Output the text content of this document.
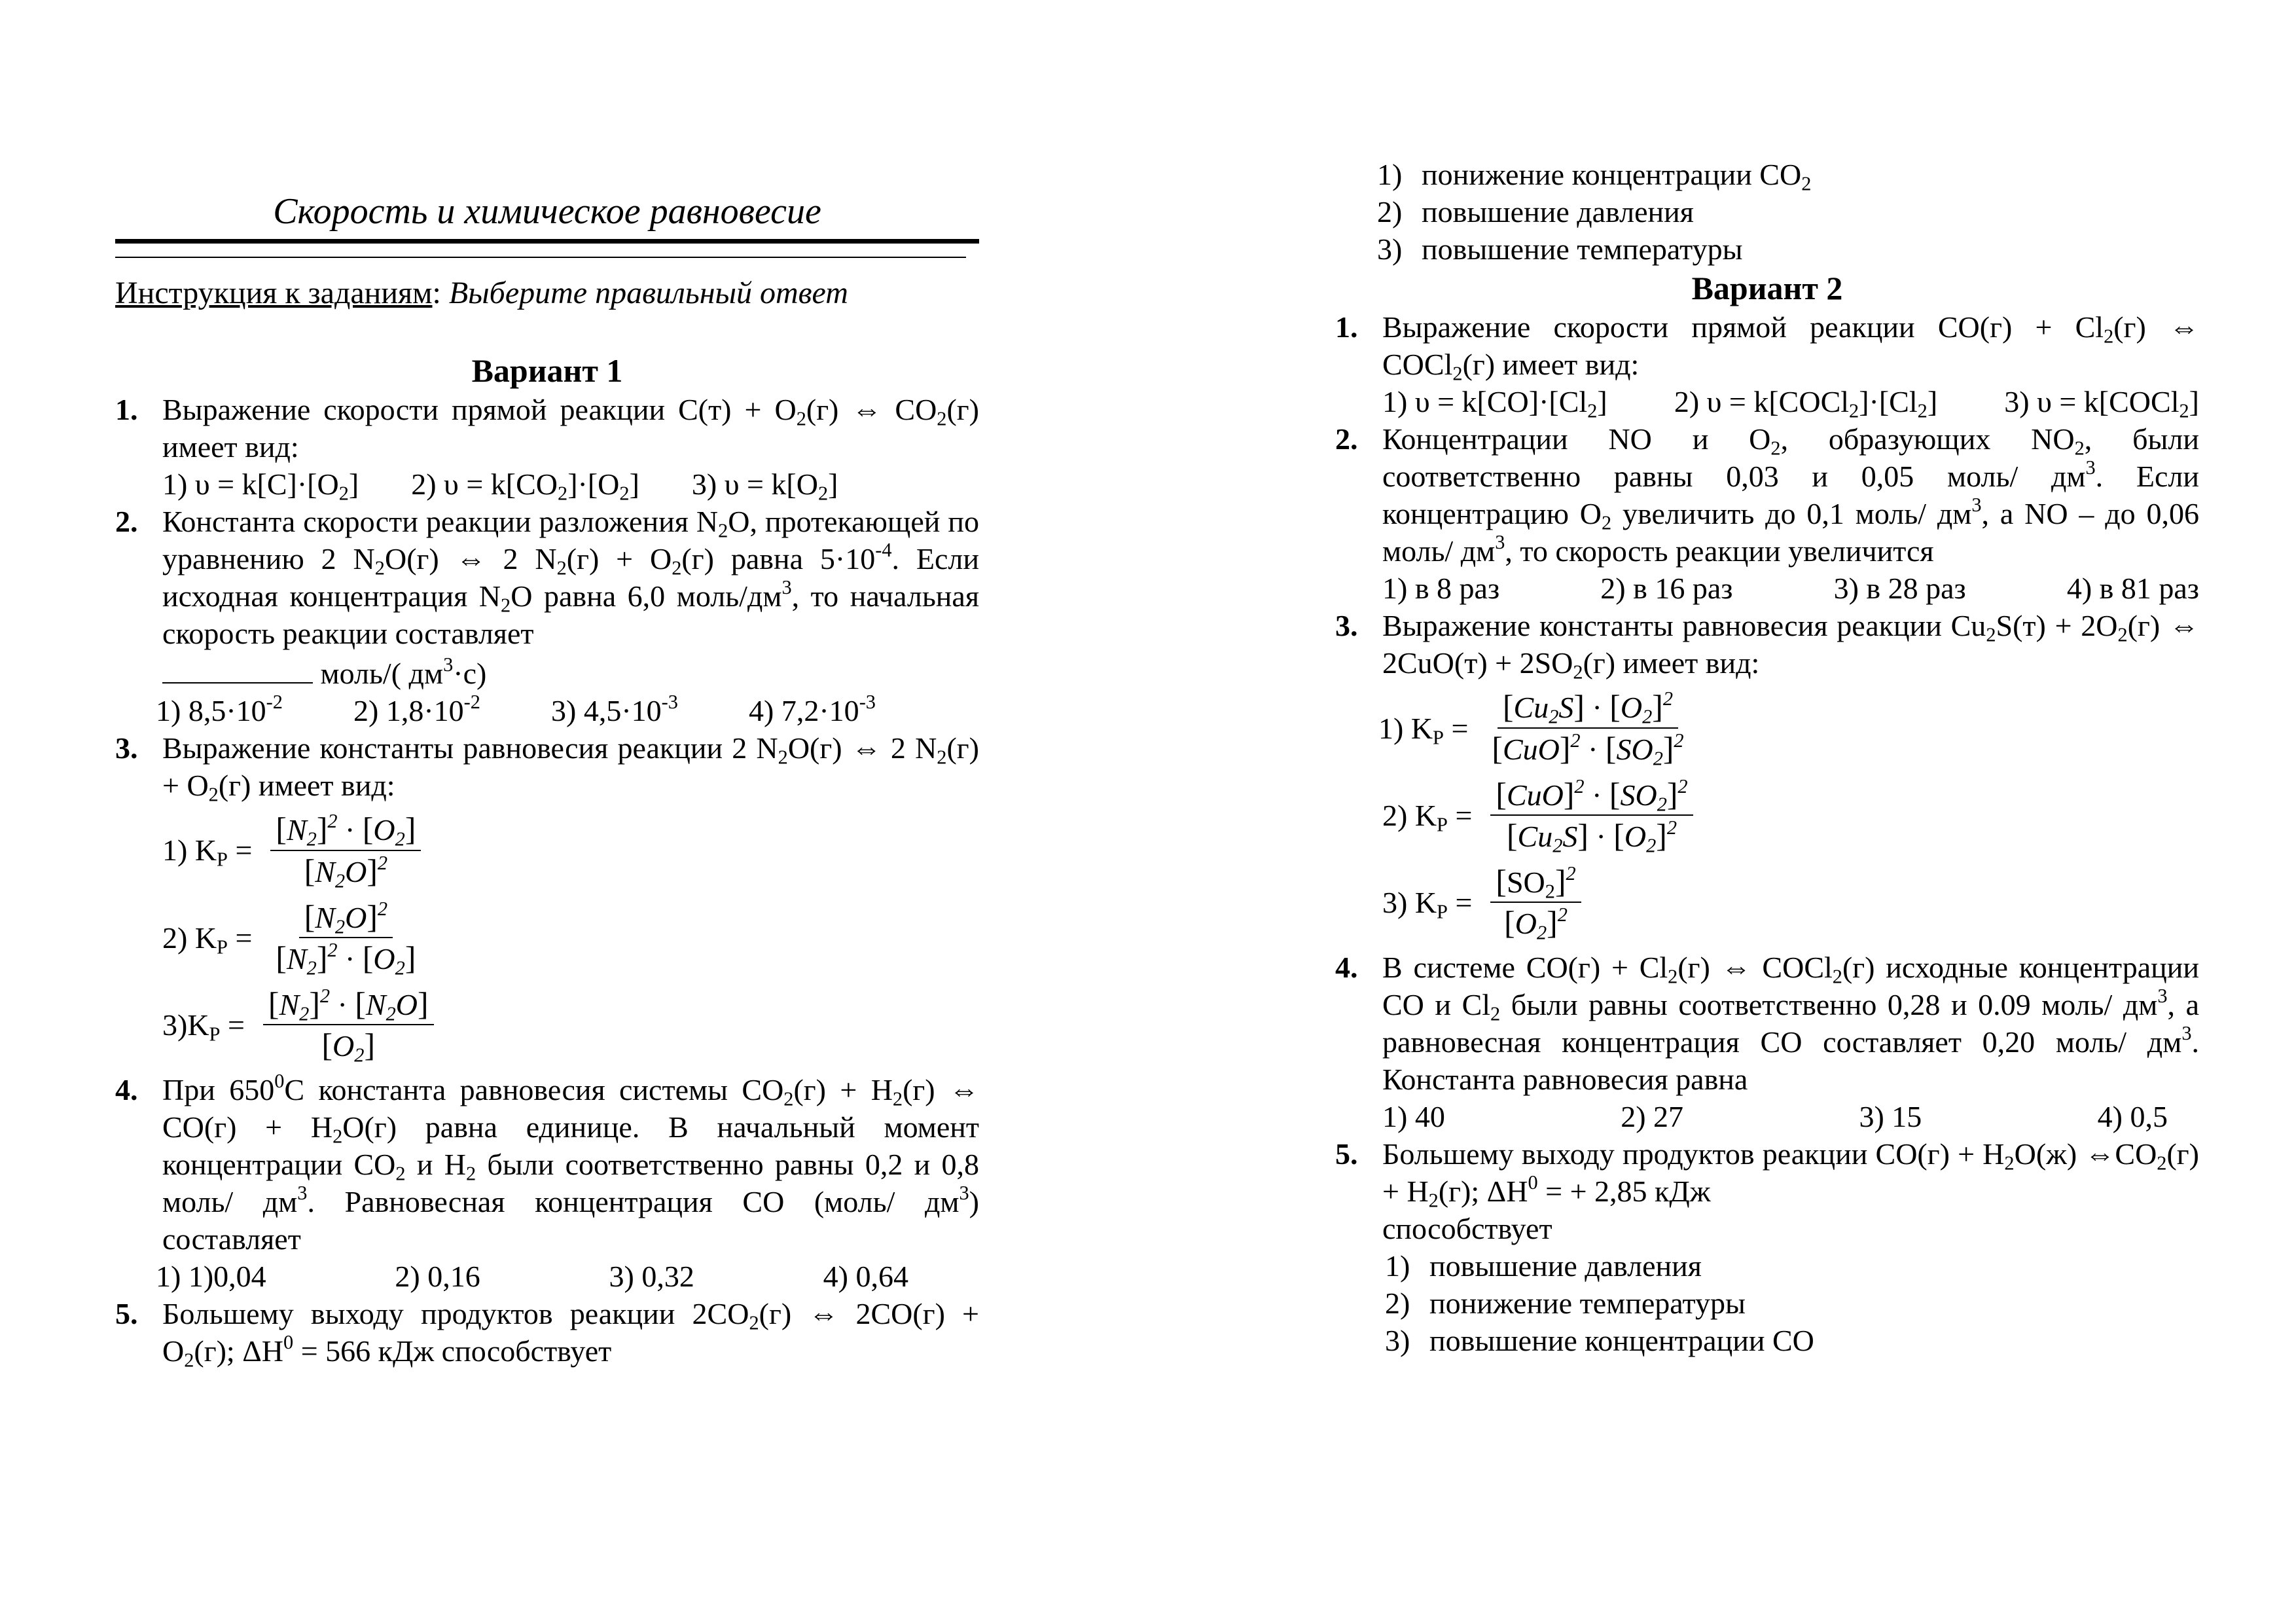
Скорость и химическое равновесие
Инструкция к заданиям: Выберите правильный ответ
Вариант 1
1. Выражение скорости прямой реакции $C(т) + O_2(г)$ ⇔ $CO_2(г)$ имеет вид:
1) $\upsilon = k[C]\cdot[O_2]$ 2) $\upsilon = k[CO_2]\cdot[O_2]$ 3) $\upsilon = k[O_2]$
2. Константа скорости реакции разложения $N_2O$, протекающей по уравнению 2 $N_2O(г)$ ⇔ 2 $N_2(г) + O_2(г)$ равна $5\cdot 10^{-4}$. Если исходная концентрация $N_2O$ равна 6,0 моль/$дм^3$, то начальная скорость реакции составляет
моль/( $дм^3\cdot с$)
1) $8,5\cdot 10^{-2}$ 2) $1,8\cdot 10^{-2}$ 3) $4,5\cdot 10^{-3}$ 4) $7,2\cdot 10^{-3}$
3. Выражение константы равновесия реакции 2 $N_2O(г)$ ⇔ 2 $N_2(г) + O_2(г)$ имеет вид:
1) $K_P = \frac{[N_2]^2 \cdot [O_2]}{[N_2O]^2}$
2) $K_P = \frac{[N_2O]^2}{[N_2]^2 \cdot [O_2]}$
$3)K_P = \frac{[N_2]^2 \cdot [N_2O]}{[O_2]}$
4. При $650^0С$ константа равновесия системы $CO_2(г) + H_2(г)$ ⇔ $CO(г) + H_2O(г)$ равна единице. В начальный момент концентрации $CO_2$ и $H_2$ были соответственно равны 0,2 и 0,8 моль/ $дм^3$. Равновесная концентрация CO (моль/ $дм^3$) составляет
1) 1)0,04	2) 0,16	3) 0,32	4) 0,64
5. Большему выходу продуктов реакции $2CO_2(г)$ ⇔ $2CO(г) + O_2(г)$; $\Delta H^0 = 566$ кДж способствует
1) понижение концентрации $CO_2$
2) повышение давления
3) повышение температуры
Вариант 2
1. Выражение скорости прямой реакции $CO(г) + Cl_2(г)$ ⇔ COCl$_2$(г) имеет вид:
1) $\upsilon = k[CO]\cdot[Cl_2]$ 2) $\upsilon = k[COCl_2]\cdot[Cl_2]$ 3) υ = k[COCl$_2$]
2. Концентрации NO и $O_2$, образующих $NO_2$, были соответственно равны 0,03 и 0,05 моль/ $дм^3$. Если концентрацию $O_2$ увеличить до 0,1 моль/ $дм^3$, а NO – до 0,06 моль/ $дм^3$, то скорость реакции увеличится
1) в 8 раз	2) в 16 раз	3) в 28 раз	4) в 81 раз
3. Выражение константы равновесия реакции $Cu_2S(т) + 2O_2(г)$ ⇔ $2CuO(т) + 2SO_2(г)$ имеет вид:
1) $K_P = \frac{[Cu_2S] \cdot [O_2]^2}{[CuO]^2 \cdot [SO_2]^2}$
2) $K_P = \frac{[CuO]^2 \cdot [SO_2]^2}{[Cu_2S] \cdot [O_2]^2}$
3) $K_P = \frac{[SO_2]^2}{[O_2]^2}$
4. В системе $CO(г) + Cl_2(г)$ ⇔ COCl$_2$(г) исходные концентрации CO и $Cl_2$ были равны соответственно 0,28 и 0.09 моль/ $дм^3$, а равновесная концентрация CO составляет 0,20 моль/ $дм^3$. Константа равновесия равна
1) 40	2) 27	3) 15	4) 0,5
5. Большему выходу продуктов реакции $CO(г) + H_2O(ж)$ $\Leftrightarrow CO_2(г) + H_2(г)$; $\Delta H^0$ = + 2,85 кДж
способствует
1) повышение давления
2) понижение температуры
3) повышение концентрации CO
